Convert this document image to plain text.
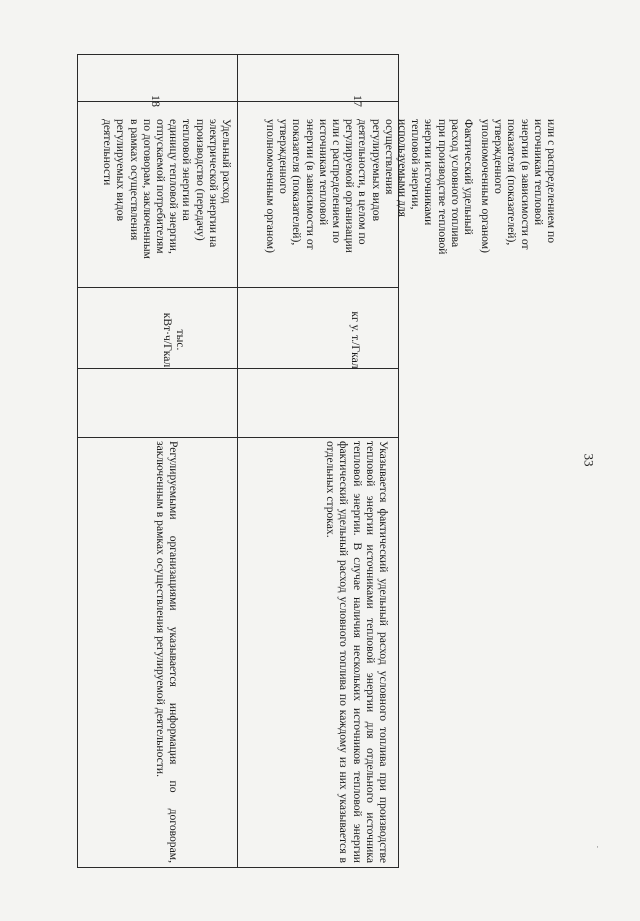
33
18
Удельный расход
электрической энергии на
производство (передачу)
тепловой энергии на
единицу тепловой энергии,
отпускаемой потребителям
по договорам, заключенным
в рамках осуществления
регулируемых видов
деятельности
тыс.
кВт·ч/Гкал
Регулируемыми организациями указывается информация по договорам, заключенным в рамках осуществления регулируемой деятельности.
17
Фактический удельный
расход условного топлива
при производстве тепловой
энергии источниками
тепловой энергии,
используемыми для
осуществления
регулируемых видов
деятельности, в целом по
регулируемой организации
или с распределением по
источникам тепловой
энергии (в зависимости от
показателя (показателей),
утвержденного
уполномоченным органом)
кг у. т./Гкал
Указывается фактический удельный расход условного топлива при производстве тепловой энергии источниками тепловой энергии для отдельного источника тепловой энергии. В случае наличия нескольких источников тепловой энергии фактический удельный расход условного топлива по каждому из них указывается в отдельных строках.
или с распределением по
источникам тепловой
энергии (в зависимости от
показателя (показателей),
утвержденного
уполномоченным органом)
·
